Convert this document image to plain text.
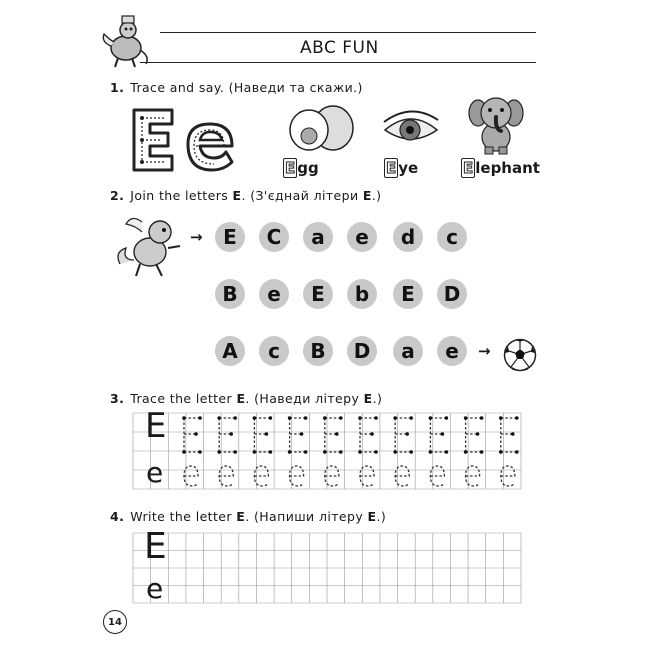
ABC FUN
1. Trace and say. (Наведи та скажи.)
E gg	E ye	E lephant
2. Join the letters E. (З'єднай літери E.)
→	E	C	a	e	d	c
B	e	E	b	E	D
A	c	B	D	a	e	→
3. Trace the letter E. (Наведи літеру E.)
E
e
4. Write the letter E. (Напиши літеру E.)
E
e
14
